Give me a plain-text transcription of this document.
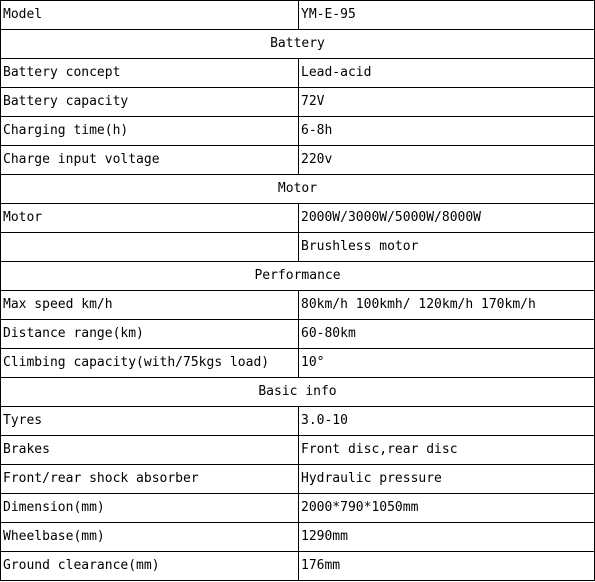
Model	YM-E-95
Battery	
Battery concept	Lead-acid
Battery capacity	72V
Charging time(h)	6-8h
Charge input voltage	220v
Motor	
Motor	2000W/3000W/5000W/8000W
	Brushless motor
Performance	
Max speed km/h	80km/h 100kmh/ 120km/h 170km/h
Distance range(km)	60-80km
Climbing capacity(with/75kgs load)	10°
Basic info	
Tyres	3.0-10
Brakes	Front disc,rear disc
Front/rear shock absorber	Hydraulic pressure
Dimension(mm)	2000*790*1050mm
Wheelbase(mm)	1290mm
Ground clearance(mm)	176mm
